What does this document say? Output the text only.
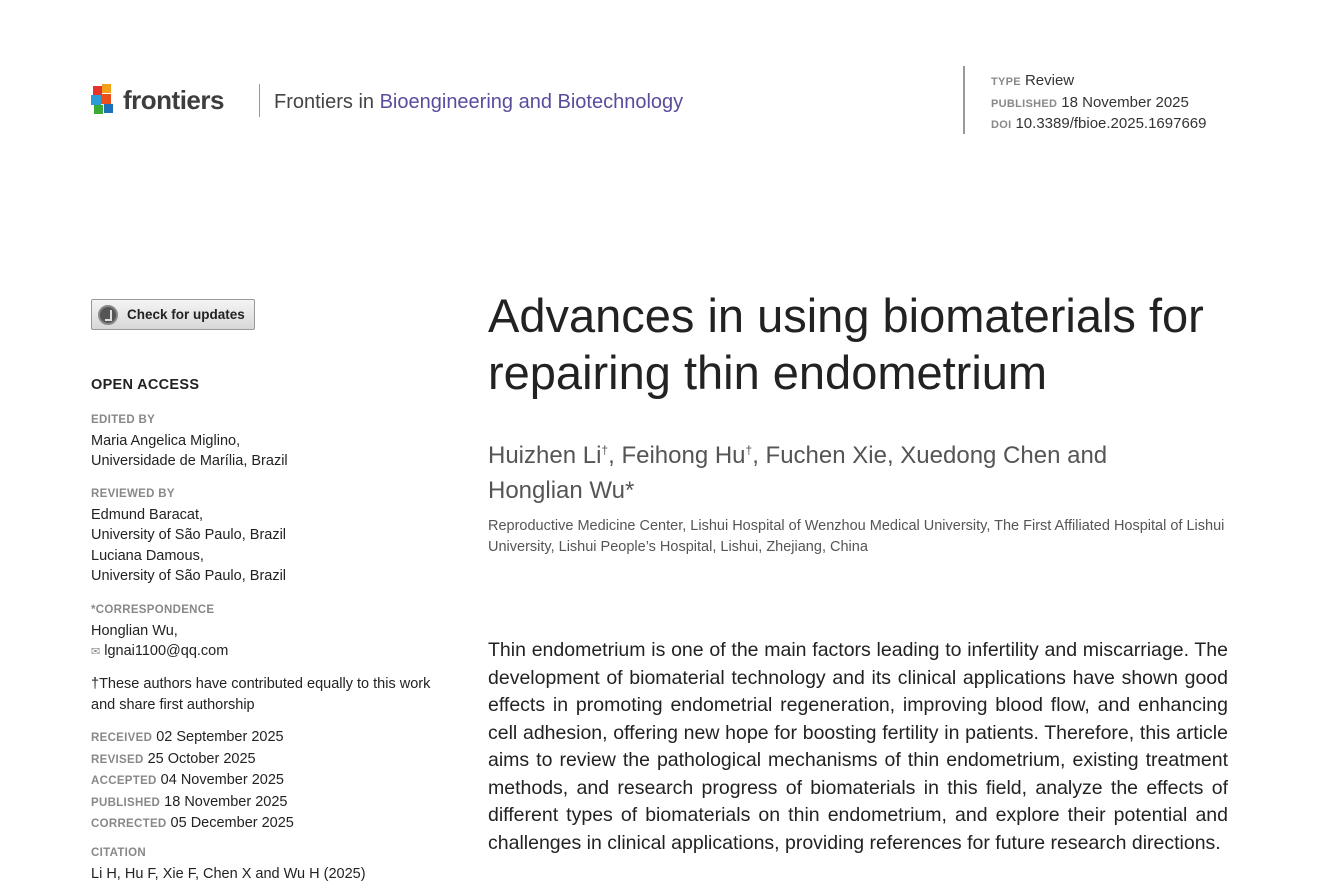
frontiers	Frontiers in Bioengineering and Biotechnology
TYPE Review
PUBLISHED 18 November 2025
DOI 10.3389/fbioe.2025.1697669
Check for updates
OPEN ACCESS
EDITED BY
Maria Angelica Miglino,
Universidade de Marília, Brazil
REVIEWED BY
Edmund Baracat,
University of São Paulo, Brazil
Luciana Damous,
University of São Paulo, Brazil
*CORRESPONDENCE
Honglian Wu,
✉ lgnai1100@qq.com
†These authors have contributed equally to this work and share first authorship
RECEIVED 02 September 2025
REVISED 25 October 2025
ACCEPTED 04 November 2025
PUBLISHED 18 November 2025
CORRECTED 05 December 2025
CITATION
Li H, Hu F, Xie F, Chen X and Wu H (2025)
Advances in using biomaterials for repairing thin endometrium
Huizhen Li†, Feihong Hu†, Fuchen Xie, Xuedong Chen and
Honglian Wu*
Reproductive Medicine Center, Lishui Hospital of Wenzhou Medical University, The First Affiliated Hospital of Lishui University, Lishui People’s Hospital, Lishui, Zhejiang, China

Thin endometrium is one of the main factors leading to infertility and miscarriage. The development of biomaterial technology and its clinical applications have shown good effects in promoting endometrial regeneration, improving blood flow, and enhancing cell adhesion, offering new hope for boosting fertility in patients. Therefore, this article aims to review the pathological mechanisms of thin endometrium, existing treatment methods, and research progress of biomaterials in this field, analyze the effects of different types of biomaterials on thin endometrium, and explore their potential and challenges in clinical applications, providing references for future research directions.
